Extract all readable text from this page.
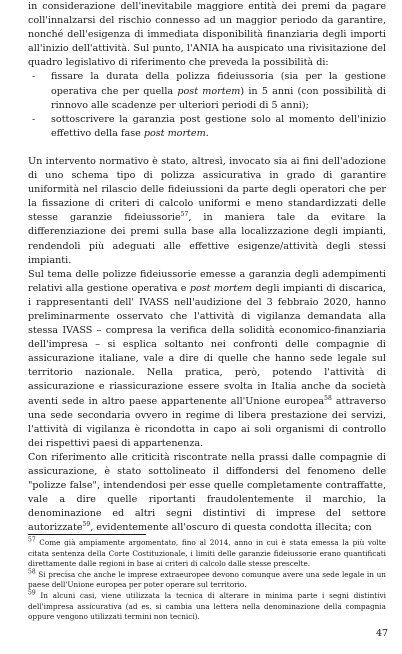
in considerazione dell'inevitabile maggiore entità dei premi da pagare coll'innalzarsi del rischio connesso ad un maggior periodo da garantire, nonché dell'esigenza di immediata disponibilità finanziaria degli importi all'inizio dell'attività. Sul punto, l'ANIA ha auspicato una rivisitazione del quadro legislativo di riferimento che preveda la possibilità di:

- fissare la durata della polizza fideiussoria (sia per la gestione operativa che per quella post mortem) in 5 anni (con possibilità di rinnovo alle scadenze per ulteriori periodi di 5 anni);
- sottoscrivere la garanzia post gestione solo al momento dell'inizio effettivo della fase post mortem.

Un intervento normativo è stato, altresì, invocato sia ai fini dell'adozione di uno schema tipo di polizza assicurativa in grado di garantire uniformità nel rilascio delle fideiussioni da parte degli operatori che per la fissazione di criteri di calcolo uniformi e meno standardizzati delle stesse garanzie fideiussorie$^{57}$, in maniera tale da evitare la differenziazione dei premi sulla base alla localizzazione degli impianti, rendendoli più adeguati alle effettive esigenze/attività degli stessi impianti.

Sul tema delle polizze fideiussorie emesse a garanzia degli adempimenti relativi alla gestione operativa e post mortem degli impianti di discarica, i rappresentanti dell' IVASS nell'audizione del 3 febbraio 2020, hanno preliminarmente osservato che l'attività di vigilanza demandata alla stessa IVASS – compresa la verifica della solidità economico-finanziaria dell'impresa – si esplica soltanto nei confronti delle compagnie di assicurazione italiane, vale a dire di quelle che hanno sede legale sul territorio nazionale. Nella pratica, però, potendo l'attività di assicurazione e riassicurazione essere svolta in Italia anche da società aventi sede in altro paese appartenente all'Unione europea$^{58}$ attraverso una sede secondaria ovvero in regime di libera prestazione dei servizi, l'attività di vigilanza è ricondotta in capo ai soli organismi di controllo dei rispettivi paesi di appartenenza.

Con riferimento alle criticità riscontrate nella prassi dalle compagnie di assicurazione, è stato sottolineato il diffondersi del fenomeno delle "polizze false", intendendosi per esse quelle completamente contraffatte, vale a dire quelle riportanti fraudolentemente il marchio, la denominazione ed altri segni distintivi di imprese del settore autorizzate$^{59}$, evidentemente all'oscuro di questa condotta illecita; con

$^{57}$ Come già ampiamente argomentato, fino al 2014, anno in cui è stata emessa la più volte citata sentenza della Corte Costituzionale, i limiti delle garanzie fideiussorie erano quantificati direttamente dalle regioni in base ai criteri di calcolo dalle stesse prescelte.

$^{58}$ Si precisa che anche le imprese extraeuropee devono comunque avere una sede legale in un paese dell'Unione europea per poter operare sul territorio.

$^{59}$ In alcuni casi, viene utilizzata la tecnica di alterare in minima parte i segni distintivi dell'impresa assicurativa (ad es. si cambia una lettera nella denominazione della compagnia oppure vengono utilizzati termini non tecnici).

47
